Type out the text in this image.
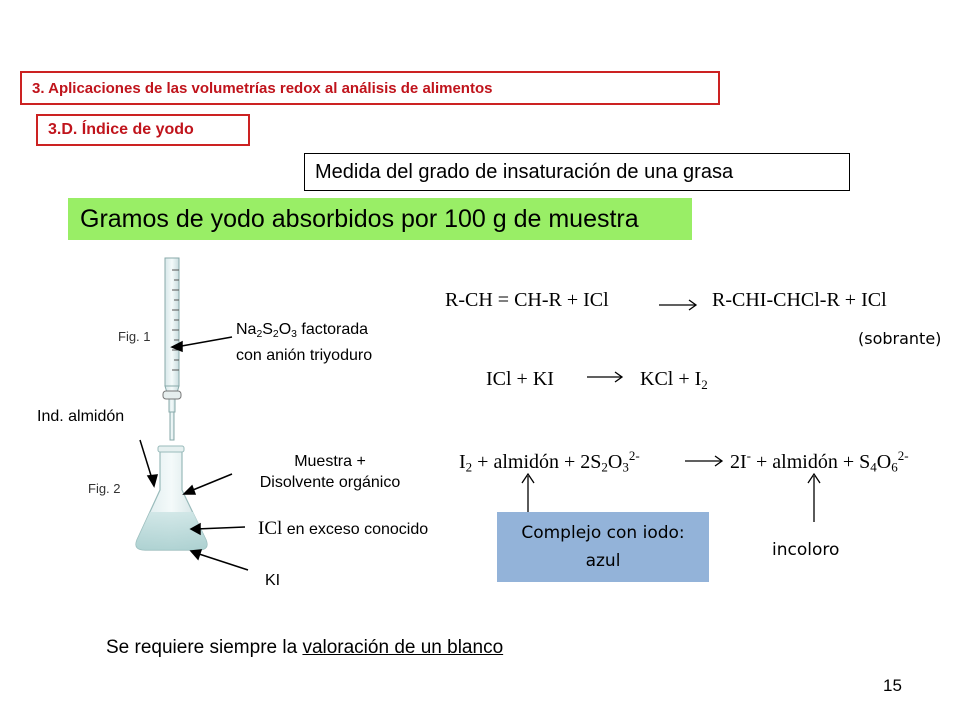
3. Aplicaciones de las volumetrías redox al análisis de alimentos
3.D. Índice de yodo
Medida del grado de insaturación de una grasa
Gramos de yodo absorbidos por 100 g de muestra
Fig. 1
Fig. 2
$Na_2S_2O_3$ factorada
con anión triyoduro
Ind. almidón
Muestra +
Disolvente orgánico
ICl en exceso conocido
KI
R-CH = CH-R + ICl	R-CHI-CHCl-R + ICl
(sobrante)
ICl + KI	KCl + $I_2$
$I_2$ + almidón + $2S_2O_3^{2-}$	2I- + almidón + $S_4O_6^{2-}$
Complejo con iodo:
azul
incoloro
Se requiere siempre la valoración de un blanco
15
